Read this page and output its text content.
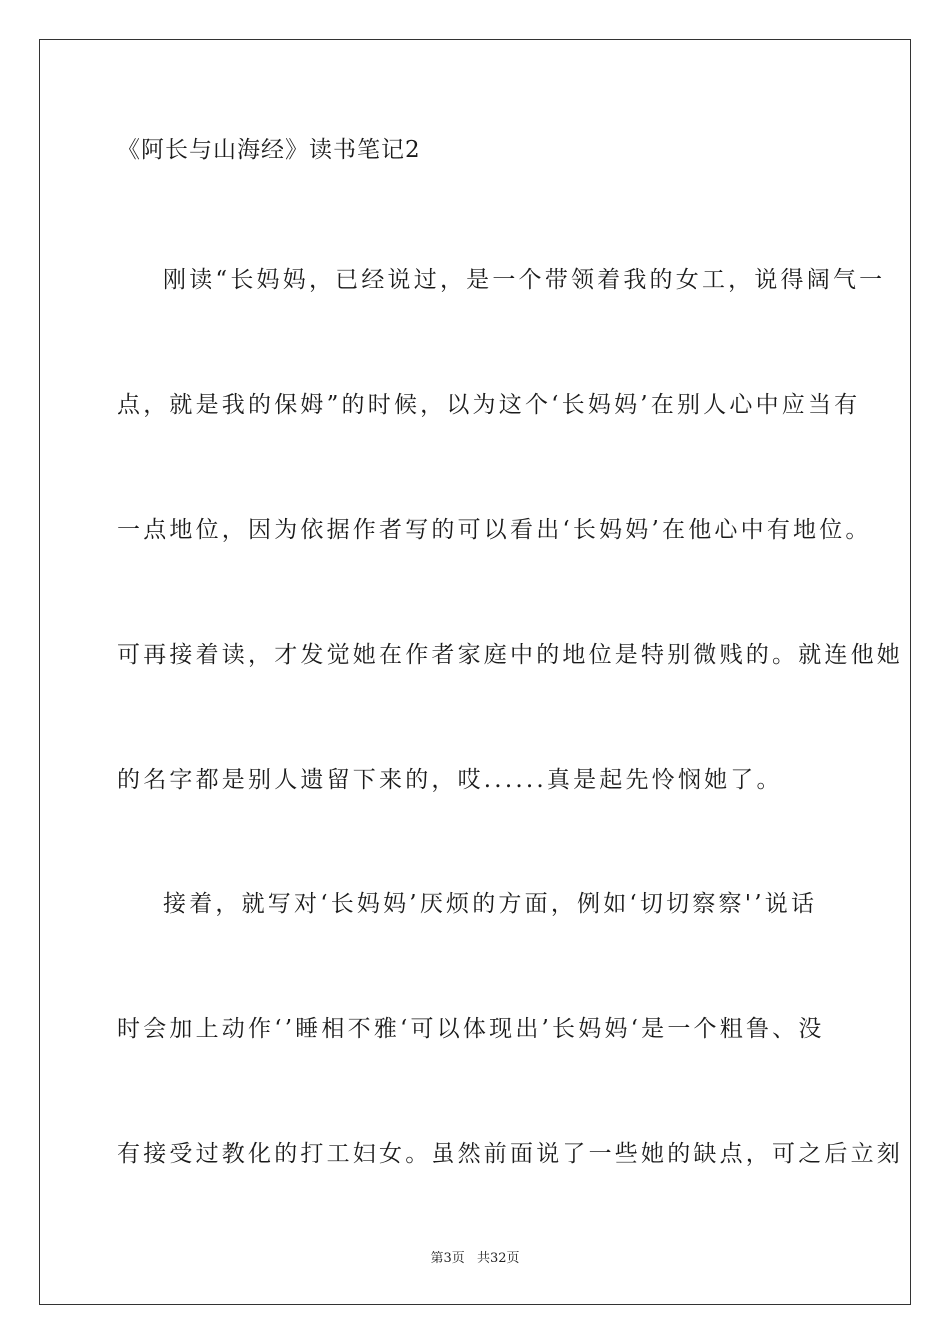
《阿长与山海经》读书笔记2
刚读“长妈妈，已经说过，是一个带领着我的女工，说得阔气一
点，就是我的保姆”的时候，以为这个‘长妈妈’在别人心中应当有
一点地位，因为依据作者写的可以看出‘长妈妈’在他心中有地位。
可再接着读，才发觉她在作者家庭中的地位是特别微贱的。就连他她
的名字都是别人遗留下来的，哎......真是起先怜悯她了。
接着，就写对‘长妈妈’厌烦的方面，例如‘切切察察'’说话
时会加上动作‘’睡相不雅‘可以体现出’长妈妈‘是一个粗鲁、没
有接受过教化的打工妇女。虽然前面说了一些她的缺点，可之后立刻
第3页 共32页
